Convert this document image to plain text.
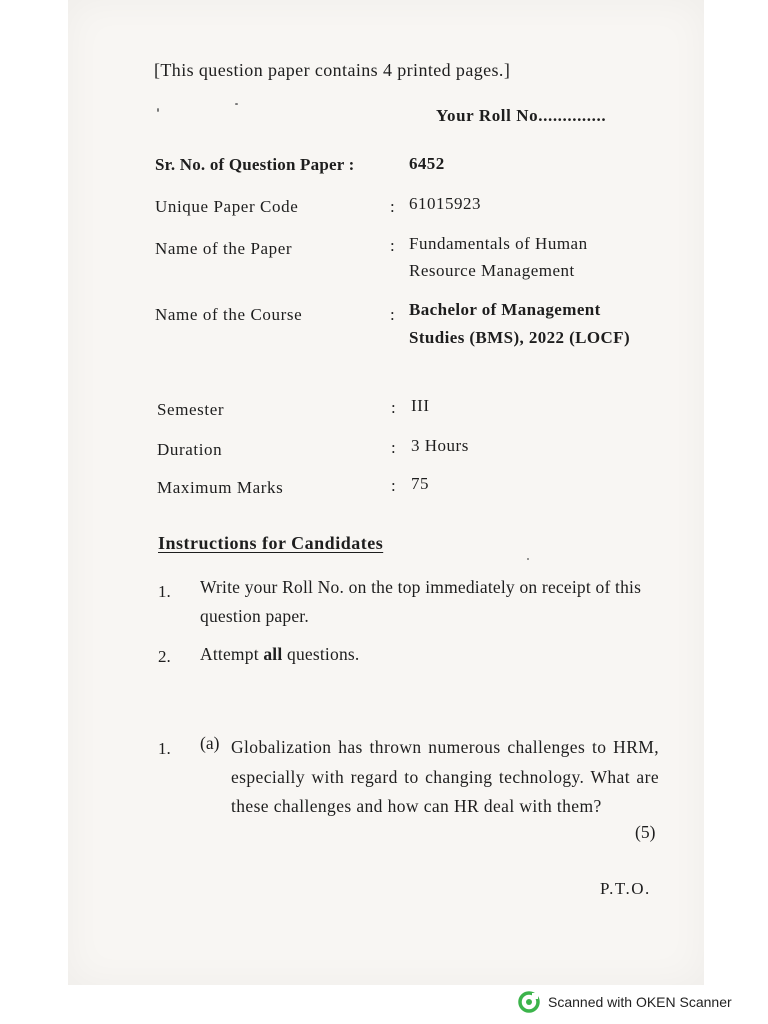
[This question paper contains 4 printed pages.]
Your Roll No..............
Sr. No. of Question Paper :	6452
Unique Paper Code	: 61015923
Name of the Paper	: Fundamentals of Human Resource Management
Name of the Course	: Bachelor of Management Studies (BMS), 2022 (LOCF)
Semester	: III
Duration	: 3 Hours
Maximum Marks	: 75
Instructions for Candidates
1. Write your Roll No. on the top immediately on receipt of this question paper.
2. Attempt all questions.
1. (a) Globalization has thrown numerous challenges to HRM, especially with regard to changing technology. What are these challenges and how can HR deal with them?
(5)
P.T.O.
Scanned with OKEN Scanner
